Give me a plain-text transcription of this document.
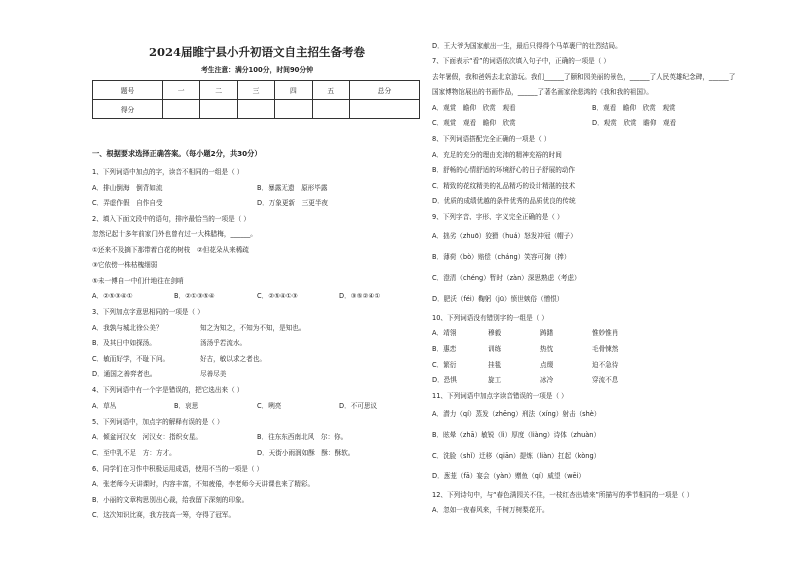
2024届睢宁县小升初语文自主招生备考卷
考生注意：满分100分，时间90分钟
题号	一	二	三	四	五	总分
得分						
一、根据要求选择正确答案。（每小题2分，共30分）
1、下列词语中加点的字，读音不相同的一组是（ ）
A．排山倒海　倒背如流	B．暴露无遗　原形毕露
C．弄虚作假　自作自受	D．万象更新　三更半夜
2、填入下面文段中的语句，排序最恰当的一项是（ ）
忽然记起十多年前家门外也曾有过一大株腊梅，______。
①还来不及摘下那带着白花的树枝　②但花朵从来稀疏
③它依傍一株枯槐细弱
⑤未一傅自一中们什地往在剑哨
A．②⑤③④①	B．②①③⑤④	C．②⑤④①③	D．③⑤②④①
3、下列加点字意思相同的一项是（ ）
A．我孰与城北徐公美？	知之为知之，不知为不知，是知也。
B．及其日中如探汤。	汤汤乎若流水。
C．敏而好学，不耻下问。	好古，敏以求之者也。
D．通国之善弈者也。	尽善尽美
4、下列词语中有一个字是错误的，把它选出来（ ）
A．草丛	B．哀思	C．咧亮	D．不可思议
5、下列词语中，加点字的解释有误的是（ ）
A．倾盆河汉女　河汉女：指织女星。	B．往东东西南北风　尔：你。
C．至中乳不足　方：方才。	D．天街小雨润如酥　酥：酥软。
6、同学们在习作中积极运用成语，使用不当的一项是（ ）
A．张老师今天讲课时，内容丰富，不知疲倦，李老师今天讲课也来了精彩。
B．小丽的文章构思别出心裁，给我留下深刻的印象。
C．这次知识比赛，我方技高一筹，夺得了冠军。
D．王大爷为国家献出一生，最后只得得个马革裹尸的壮烈结局。
7、下面表示“看”的词语依次填入句子中，正确的一项是（ ）
去年暑假，我和爸妈去北京游玩。我们______了颐和园美丽的景色，______了人民英雄纪念碑，______了
国家博物馆展出的书画作品，______了著名画家徐悲鸿的《我和我的祖国》。
A．观赏　瞻仰　欣赏　观看	B．观看　瞻仰　欣赏　观赏
C．观赏　观看　瞻仰　欣赏	D．观赏　欣赏　瞻仰　观看
8、下列词语搭配完全正确的一项是（ ）
A．充足的充分的理由充沛的精神充裕的时间
B．舒畅的心情舒适的环境舒心的日子舒展的动作
C．精致的花纹精美的礼品精巧的设计精湛的技术
D．优质的成绩优越的条件优秀的品质优良的传统
9、下列字音、字形、字义完全正确的是（ ）
A．拙劣（zhuō）狡猾（huá）怒发冲冠（帽子）
B．薄荷（bò）赔偿（cháng）笑容可掬（捧）
C．澄清（chéng）暂时（zàn）深思熟虑（考虑）
D．肥沃（féi）鞠躬（jū）愤世嫉俗（憎恨）
10、下列词语没有错别字的一组是（ ）
A．靖翎	穆毅	踌躇	惟妙惟肖
B．惠恋	训练	热忱	毛骨悚然
C．繁衍	挂毯	点缀	迫不急待
D．恐惧	旋工	冰冷	穿流不息
11、下列词语中加点字读音错误的一项是（ ）
A．潜力（qí）蒸发（zhēng）刑法（xíng）射击（shè）
B．眩晕（zhā）敏锐（lì）厚度（liàng）诗体（zhuàn）
C．洗脸（shǐ）迁移（qiān）提炼（liàn）扛起（kòng）
D．葱茏（fā）宴会（yàn）赠鱼（qí）威望（wēi）
12、下列诗句中，与“春色满园关不住，一枝红杏出墙来”所描写的季节相同的一项是（ ）
A．忽如一夜春风来，千树万树梨花开。
